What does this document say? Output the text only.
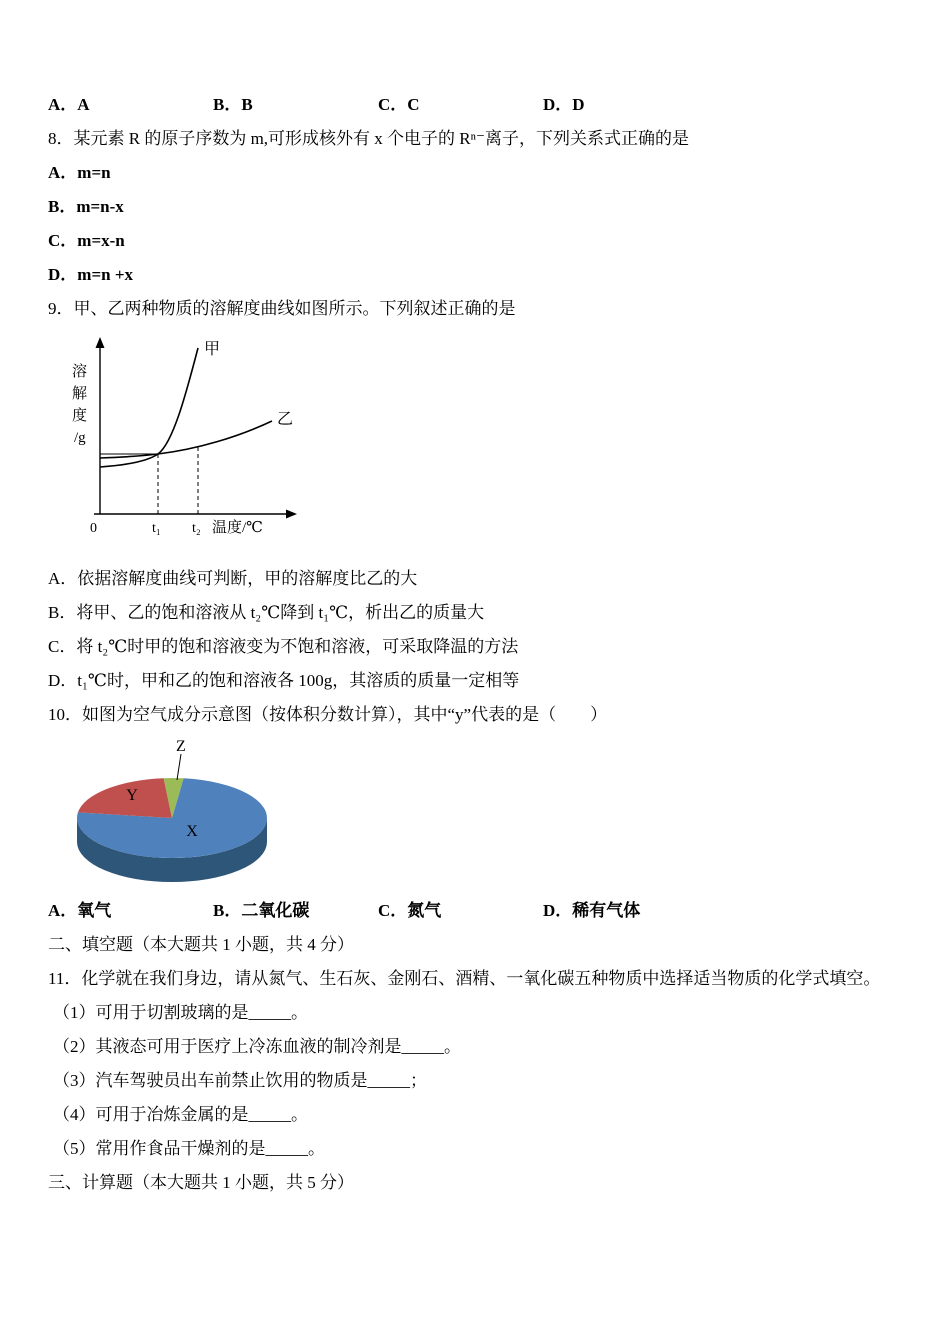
A．A	B．B	C．C	D．D

8．某元素 R 的原子序数为 m,可形成核外有 x 个电子的 Rⁿ⁻离子，下列关系式正确的是

A．m=n

B．m=n-x

C．m=x-n

D．m=n +x

9．甲、乙两种物质的溶解度曲线如图所示。下列叙述正确的是

溶
解
度
/g
甲
乙
0	t₁ t₂ 温度/℃

A．依据溶解度曲线可判断，甲的溶解度比乙的大

B．将甲、乙的饱和溶液从 t₂℃降到 t₁℃，析出乙的质量大

C．将 t₂℃时甲的饱和溶液变为不饱和溶液，可采取降温的方法

D．t₁℃时，甲和乙的饱和溶液各 100g，其溶质的质量一定相等

10．如图为空气成分示意图（按体积分数计算），其中“y”代表的是（　　）

Z
Y
X
A．氧气	B．二氧化碳	C．氮气	D．稀有气体

二、填空题（本大题共 1 小题，共 4 分）

11．化学就在我们身边，请从氮气、生石灰、金刚石、酒精、一氧化碳五种物质中选择适当物质的化学式填空。

（1）可用于切割玻璃的是_____。

（2）其液态可用于医疗上冷冻血液的制冷剂是_____。

（3）汽车驾驶员出车前禁止饮用的物质是_____；

（4）可用于冶炼金属的是_____。

（5）常用作食品干燥剂的是_____。

三、计算题（本大题共 1 小题，共 5 分）
